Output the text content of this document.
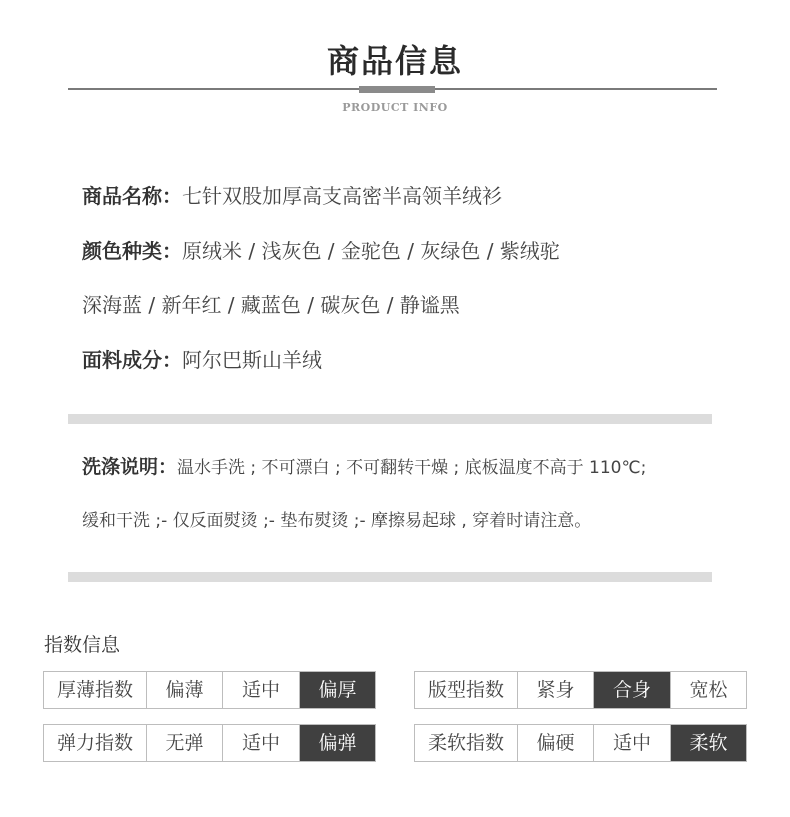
商品信息
PRODUCT INFO
商品名称：七针双股加厚高支高密半高领羊绒衫
颜色种类：原绒米 / 浅灰色 / 金驼色 / 灰绿色 / 紫绒驼
深海蓝 / 新年红 / 藏蓝色 / 碳灰色 / 静谧黑
面料成分：阿尔巴斯山羊绒
洗涤说明：温水手洗 ; 不可漂白 ; 不可翻转干燥 ; 底板温度不高于 110℃;
缓和干洗 ;- 仅反面熨烫 ;- 垫布熨烫 ;- 摩擦易起球 , 穿着时请注意。
指数信息
厚薄指数	偏薄	适中	偏厚	版型指数	紧身	合身	宽松
弹力指数	无弹	适中	偏弹	柔软指数	偏硬	适中	柔软
